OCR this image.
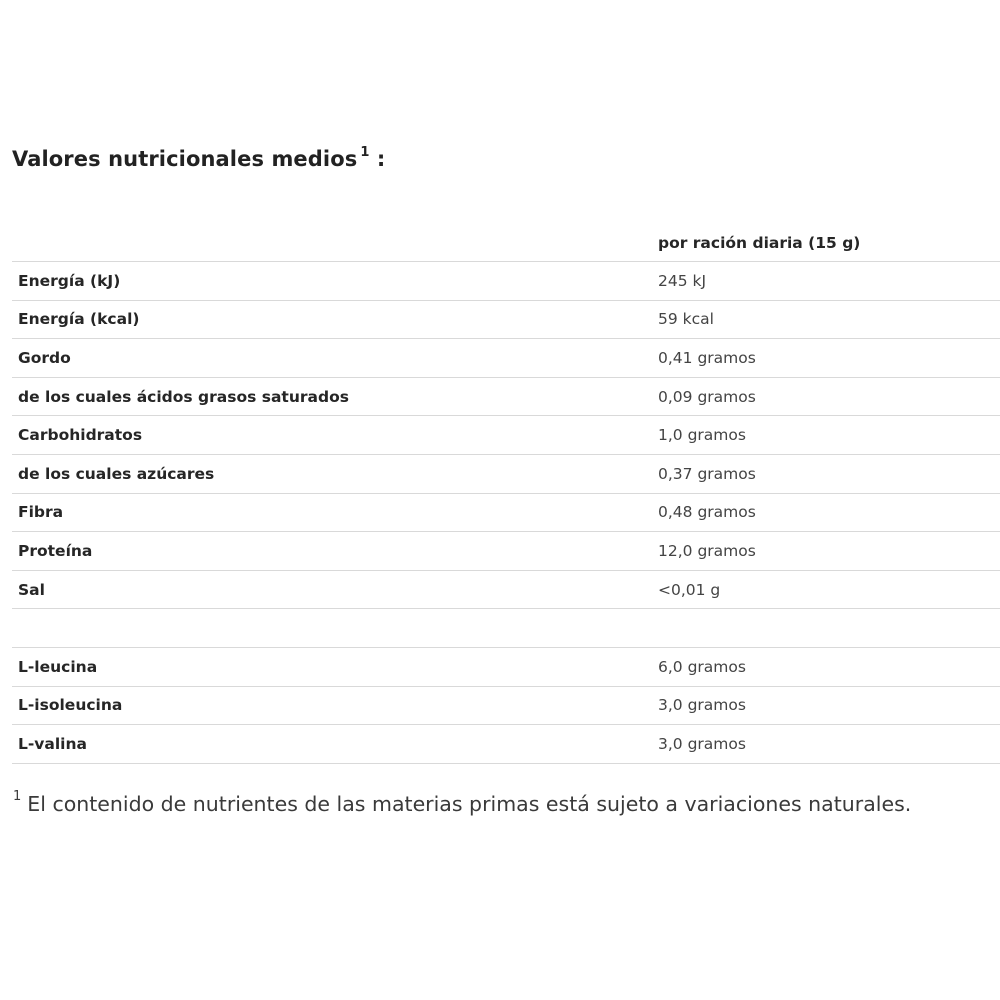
Valores nutricionales medios $^1$ :
por ración diaria (15 g)
Energía (kJ)	245 kJ
Energía (kcal)	59 kcal
Gordo	0,41 gramos
de los cuales ácidos grasos saturados	0,09 gramos
Carbohidratos	1,0 gramos
de los cuales azúcares	0,37 gramos
Fibra	0,48 gramos
Proteína	12,0 gramos
Sal	<0,01 g
L-leucina	6,0 gramos
L-isoleucina	3,0 gramos
L-valina	3,0 gramos
$^1$ El contenido de nutrientes de las materias primas está sujeto a variaciones naturales.
